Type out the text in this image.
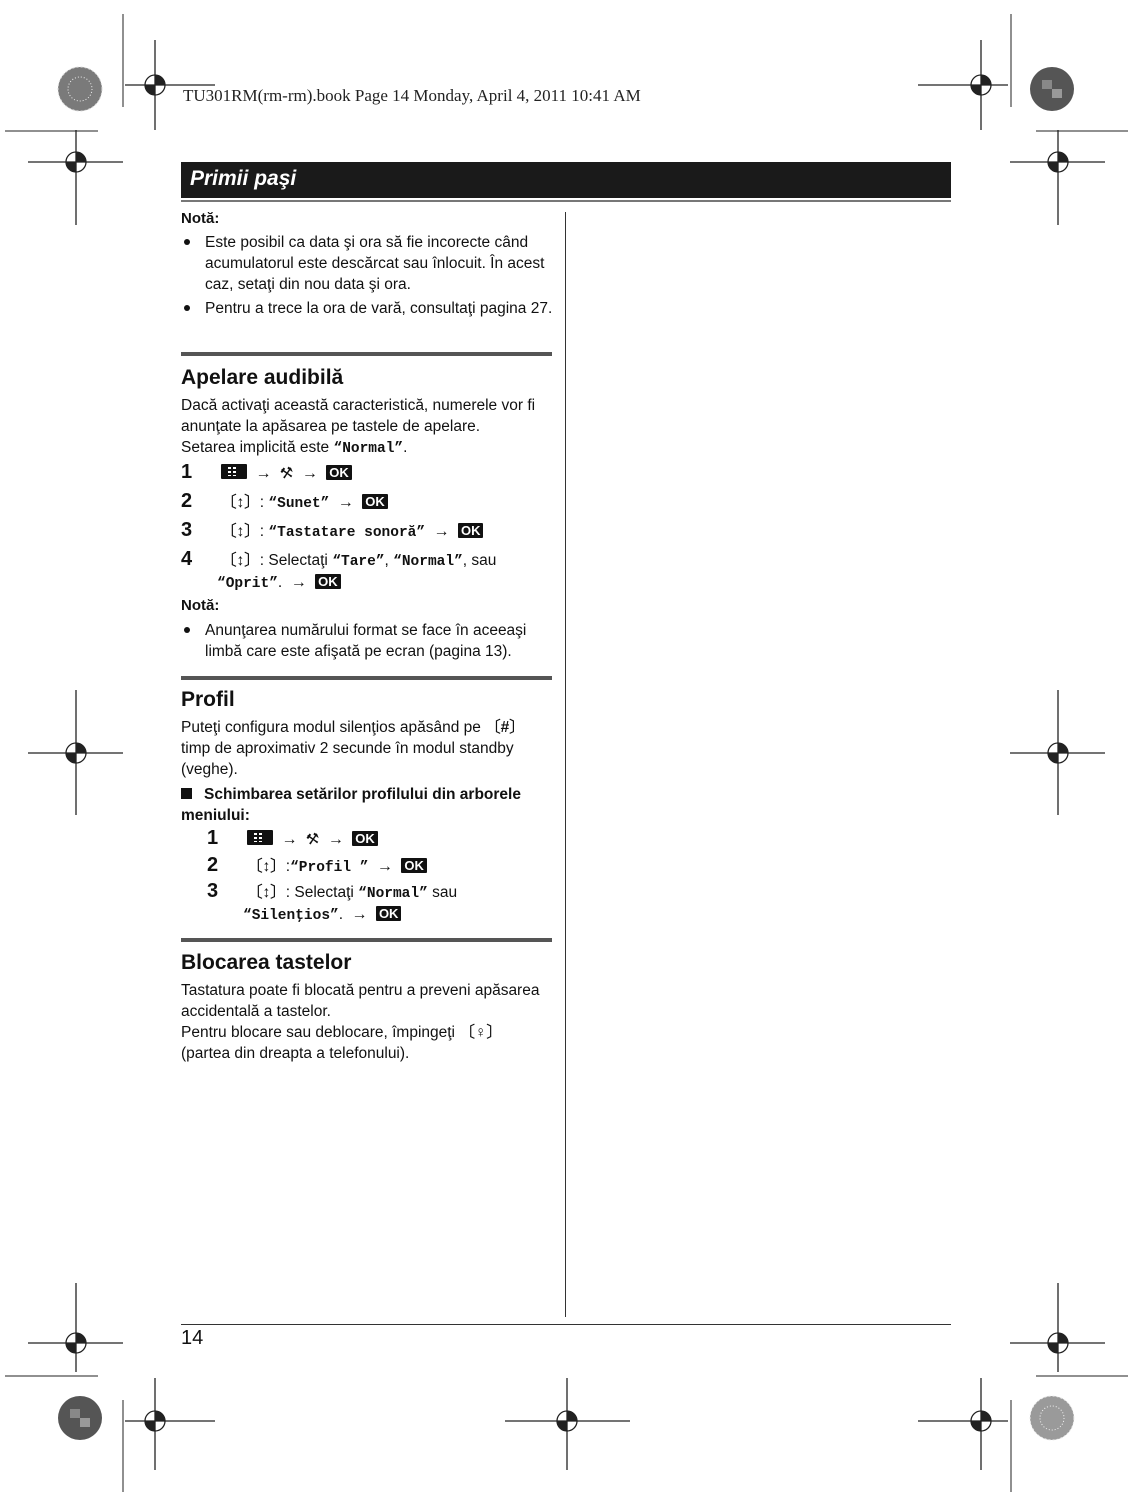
TU301RM(rm-rm).book Page 14 Monday, April 4, 2011 10:41 AM
Primii paşi
Notă:
Este posibil ca data şi ora să fie incorecte când acumulatorul este descărcat sau înlocuit. În acest caz, setaţi din nou data şi ora.
Pentru a trece la ora de vară, consultaţi pagina 27.
Apelare audibilă
Dacă activaţi această caracteristică, numerele vor fi anunţate la apăsarea pe tastele de apelare.
Setarea implicită este “Normal”.
1	→ ⚒ → OK
2 〔↕〕: “Sunet” → OK
3 〔↕〕: “Tastatare sonoră” → OK
4 〔↕〕: Selectaţi “Tare”, “Normal”, sau
“Oprit”. → OK
Notă:
Anunţarea numărului format se face în aceeaşi limbă care este afişată pe ecran (pagina 13).
Profil
Puteţi configura modul silenţios apăsând pe 〔#〕 timp de aproximativ 2 secunde în modul standby (veghe).
Schimbarea setărilor profilului din arborele meniului:
1	→ ⚒ → OK
2 〔↕〕:“Profil ” → OK
3 〔↕〕: Selectaţi “Normal” sau
“Silenţios”. → OK
Blocarea tastelor
Tastatura poate fi blocată pentru a preveni apăsarea accidentală a tastelor.
Pentru blocare sau deblocare, împingeţi 〔♀〕 (partea din dreapta a telefonului).
14
